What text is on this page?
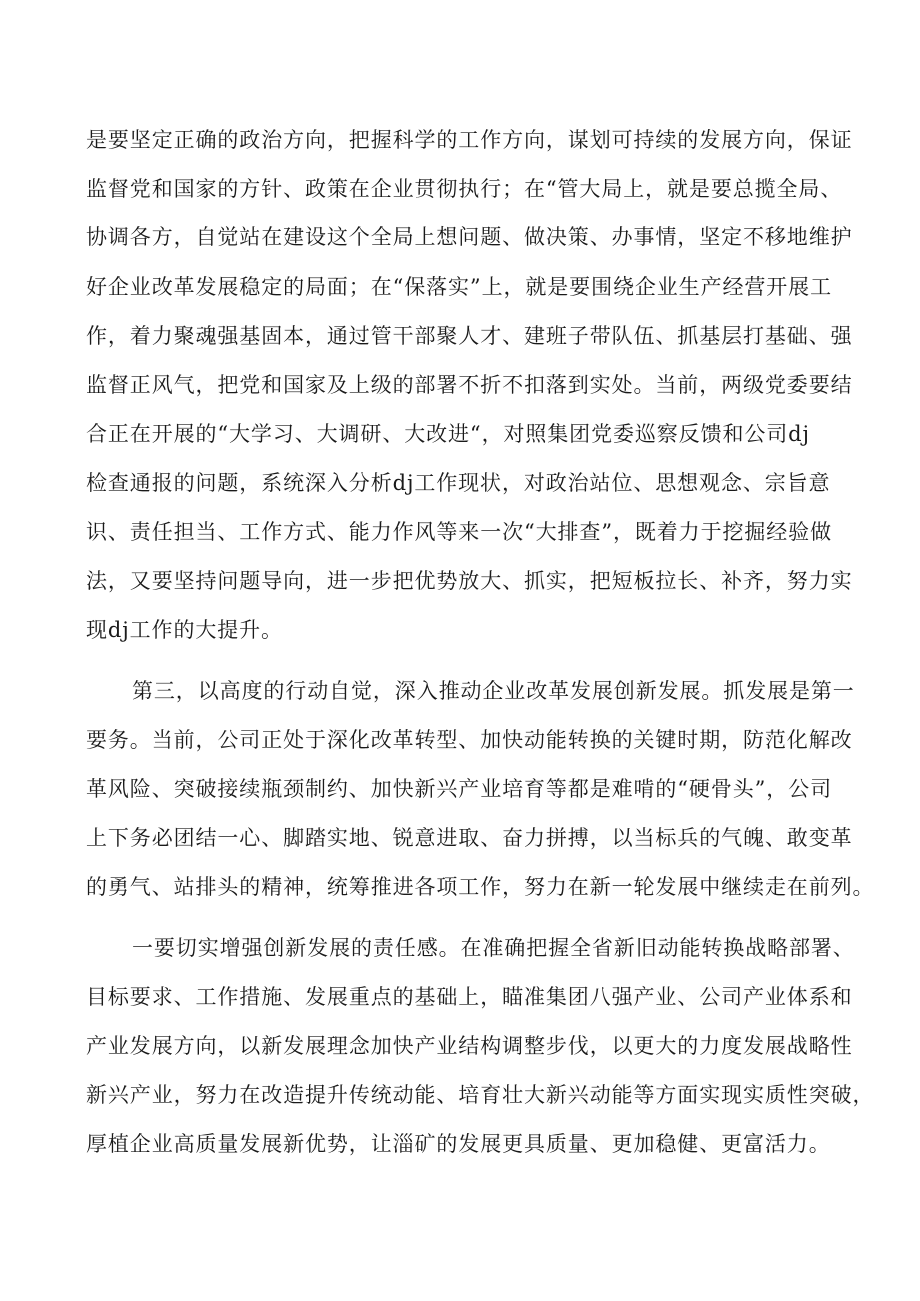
是要坚定正确的政治方向，把握科学的工作方向，谋划可持续的发展方向，保证
监督党和国家的方针、政策在企业贯彻执行；在“管大局上，就是要总揽全局、
协调各方，自觉站在建设这个全局上想问题、做决策、办事情，坚定不移地维护
好企业改革发展稳定的局面；在“保落实”上，就是要围绕企业生产经营开展工
作，着力聚魂强基固本，通过管干部聚人才、建班子带队伍、抓基层打基础、强
监督正风气，把党和国家及上级的部署不折不扣落到实处。当前，两级党委要结
合正在开展的“大学习、大调研、大改进“，对照集团党委巡察反馈和公司dj
检查通报的问题，系统深入分析dj工作现状，对政治站位、思想观念、宗旨意
识、责任担当、工作方式、能力作风等来一次“大排查”，既着力于挖掘经验做
法，又要坚持问题导向，进一步把优势放大、抓实，把短板拉长、补齐，努力实
现dj工作的大提升。
第三，以高度的行动自觉，深入推动企业改革发展创新发展。抓发展是第一
要务。当前，公司正处于深化改革转型、加快动能转换的关键时期，防范化解改
革风险、突破接续瓶颈制约、加快新兴产业培育等都是难啃的“硬骨头”，公司
上下务必团结一心、脚踏实地、锐意进取、奋力拼搏，以当标兵的气魄、敢变革
的勇气、站排头的精神，统筹推进各项工作，努力在新一轮发展中继续走在前列。
一要切实增强创新发展的责任感。在准确把握全省新旧动能转换战略部署、
目标要求、工作措施、发展重点的基础上，瞄准集团八强产业、公司产业体系和
产业发展方向，以新发展理念加快产业结构调整步伐，以更大的力度发展战略性
新兴产业，努力在改造提升传统动能、培育壮大新兴动能等方面实现实质性突破，
厚植企业高质量发展新优势，让淄矿的发展更具质量、更加稳健、更富活力。
